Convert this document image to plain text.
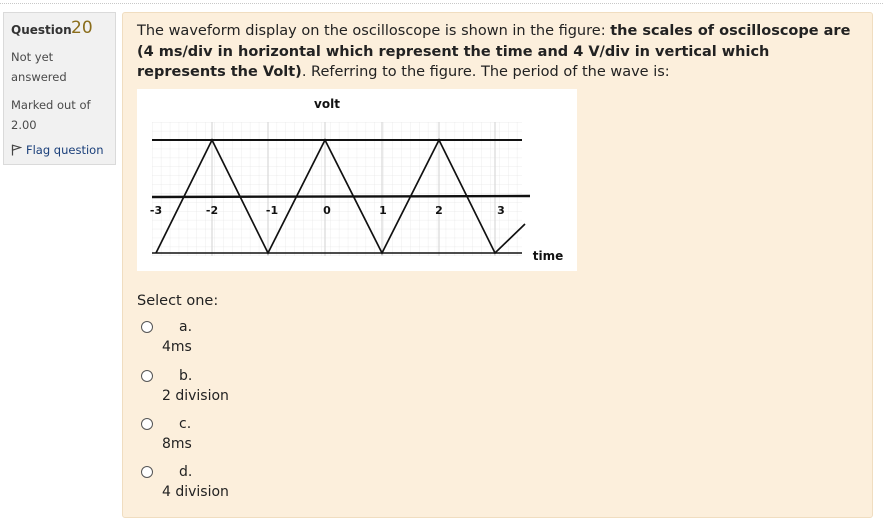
Question 20
Not yet answered
Marked out of 2.00
Flag question
The waveform display on the oscilloscope is shown in the figure: the scales of oscilloscope are (4 ms/div in horizontal which represent the time and 4 V/div in vertical which represents the Volt). Referring to the figure. The period of the wave is:
-3	-2	-1	0	1	2	3
volt
time
Select one:
a.
4ms
b.
2 division
c.
8ms
d.
4 division
